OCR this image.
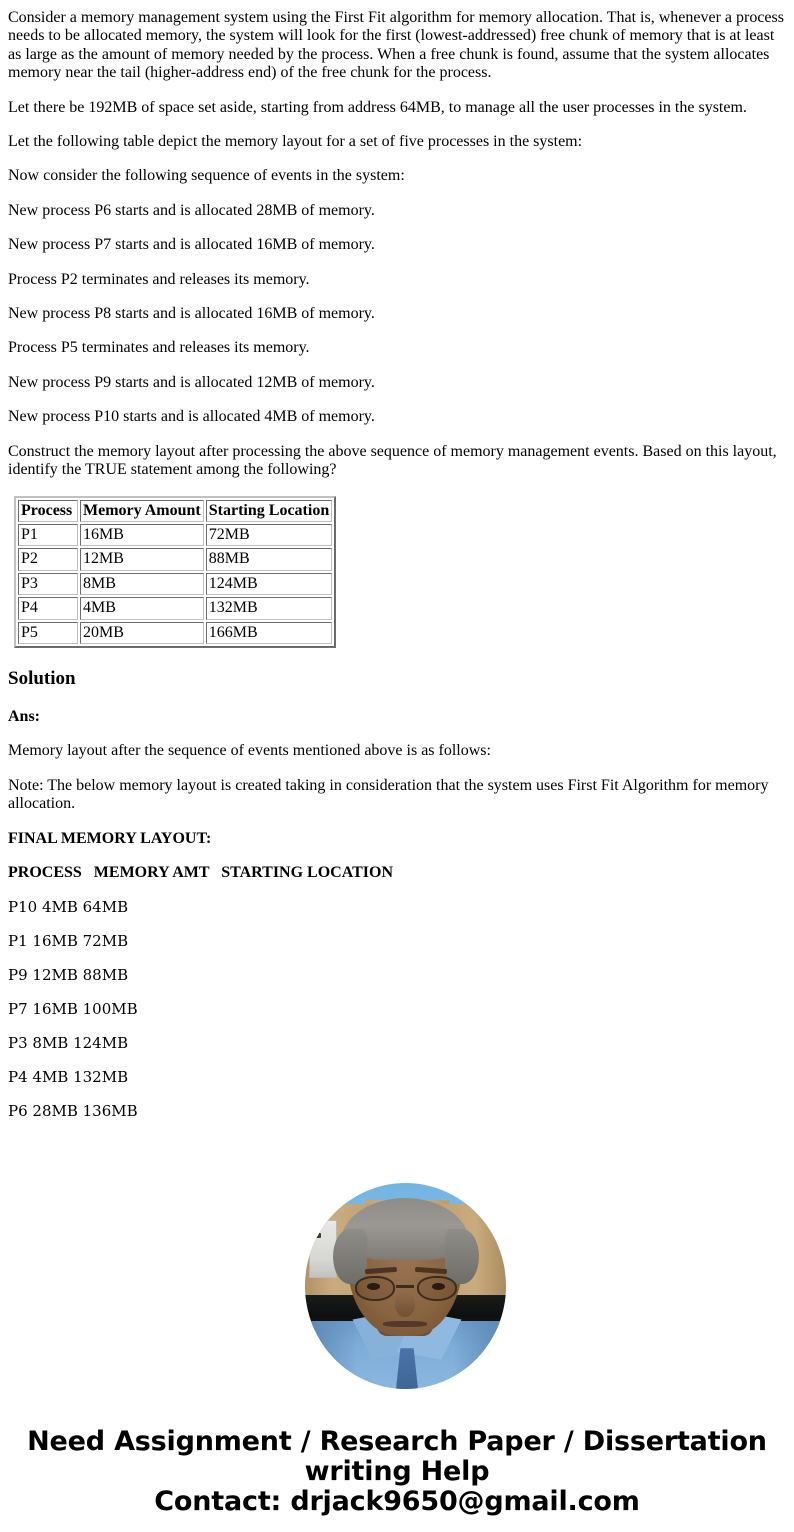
Consider a memory management system using the First Fit algorithm for memory allocation. That is, whenever a process needs to be allocated memory, the system will look for the first (lowest-addressed) free chunk of memory that is at least as large as the amount of memory needed by the process. When a free chunk is found, assume that the system allocates memory near the tail (higher-address end) of the free chunk for the process.

Let there be 192MB of space set aside, starting from address 64MB, to manage all the user processes in the system.

Let the following table depict the memory layout for a set of five processes in the system:

Now consider the following sequence of events in the system:

New process P6 starts and is allocated 28MB of memory.

New process P7 starts and is allocated 16MB of memory.

Process P2 terminates and releases its memory.

New process P8 starts and is allocated 16MB of memory.

Process P5 terminates and releases its memory.

New process P9 starts and is allocated 12MB of memory.

New process P10 starts and is allocated 4MB of memory.

Construct the memory layout after processing the above sequence of memory management events. Based on this layout, identify the TRUE statement among the following?

Process	Memory Amount	Starting Location
P1	16MB	72MB
P2	12MB	88MB
P3	8MB	124MB
P4	4MB	132MB
P5	20MB	166MB
Solution

Ans:

Memory layout after the sequence of events mentioned above is as follows:

Note: The below memory layout is created taking in consideration that the system uses First Fit Algorithm for memory allocation.

FINAL MEMORY LAYOUT:

PROCESS   MEMORY AMT   STARTING LOCATION

P10 4MB 64MB

P1 16MB 72MB

P9 12MB 88MB

P7 16MB 100MB

P3 8MB 124MB

P4 4MB 132MB

P6 28MB 136MB

Need Assignment / Research Paper / Dissertation writing Help
Contact: drjack9650@gmail.com
